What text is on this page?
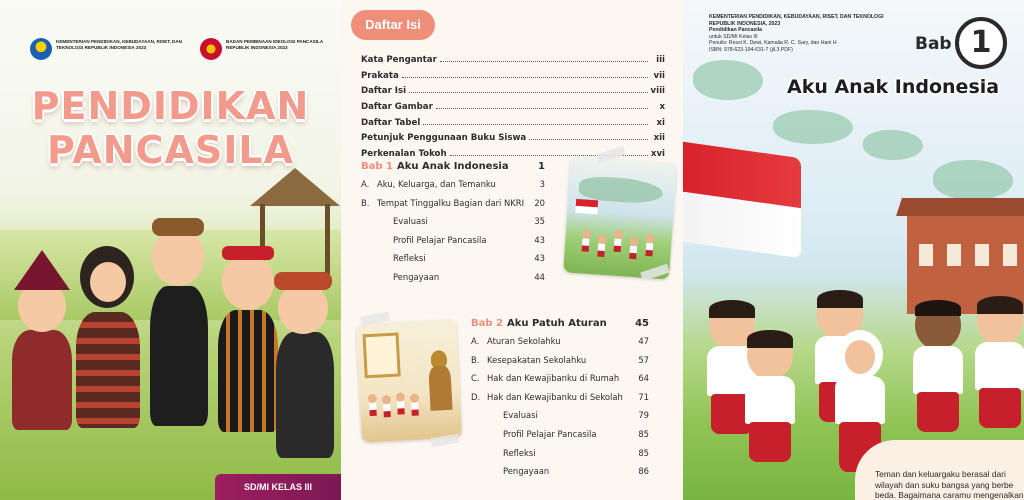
KEMENTERIAN PENDIDIKAN, KEBUDAYAAN, RISET, DAN TEKNOLOGI REPUBLIK INDONESIA 2023
BADAN PEMBINAAN IDEOLOGI PANCASILA REPUBLIK INDONESIA 2023
PENDIDIKAN
PANCASILA
SD/MI KELAS III
Daftar Isi
Kata Pengantar	iii
Prakata	vii
Daftar Isi	viii
Daftar Gambar	x
Daftar Tabel	xi
Petunjuk Penggunaan Buku Siswa	xii
Perkenalan Tokoh	xvi
Bab 1 Aku Anak Indonesia	1
A. Aku, Keluarga, dan Temanku	3
B. Tempat Tinggalku Bagian dari NKRI	20
Evaluasi	35
Profil Pelajar Pancasila	43
Refleksi	43
Pengayaan	44
Bab 2 Aku Patuh Aturan	45
A. Aturan Sekolahku	47
B. Kesepakatan Sekolahku	57
C. Hak dan Kewajibanku di Rumah	64
D. Hak dan Kewajibanku di Sekolah	71
Evaluasi	79
Profil Pelajar Pancasila	85
Refleksi	85
Pengayaan	86
KEMENTERIAN PENDIDIKAN, KEBUDAYAAN, RISET, DAN TEKNOLOGI
REPUBLIK INDONESIA, 2023
Pendidikan Pancasila
untuk SD/MI Kelas III
Penulis: Ressi K. Dewi, Kamalia R. C. Sary, dan Hani H
ISBN: 978-623-194-631-7 (jil.3 PDF)	Bab 1
Aku Anak Indonesia
Teman dan keluargaku berasal dari
wilayah dan suku bangsa yang berbe
beda. Bagaimana caramu mengenalkan
